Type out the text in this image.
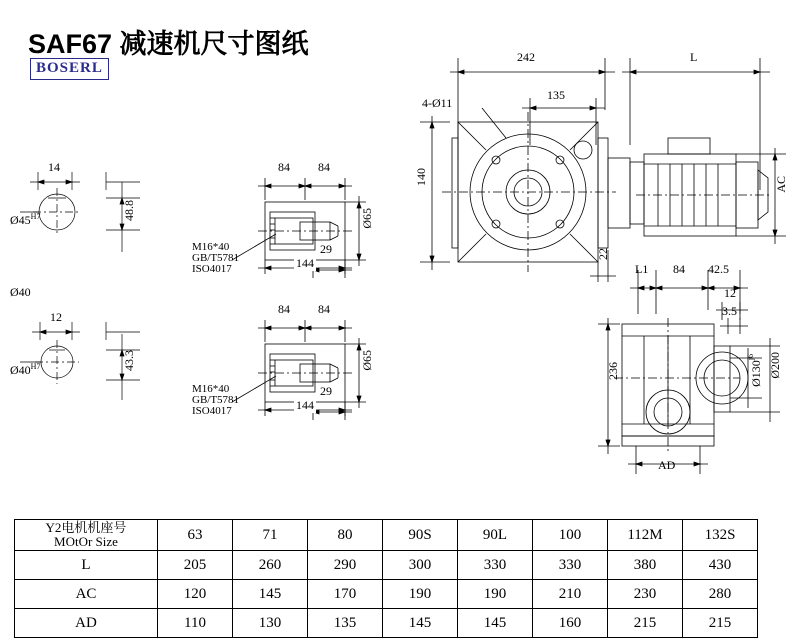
SAF67 减速机尺寸图纸
BOSERL
14
$Ø45^{H7}$	48.8
Ø40
12
$Ø40^{H7}$	43.3
84 84
29
Ø65
144
M16*40
GB/T5781
ISO4017
84 84
29
Ø65
144
M16*40
GB/T5781
ISO4017
242	L
135
4-Ø11
140
22
AC
L1 84 42.5
12
3.5
236	$Ø130^{j6}$	Ø200
AD
Y2电机机座号
MOtOr Size	63	71	80	90S	90L	100	112M	132S
L	205	260	290	300	330	330	380	430
AC	120	145	170	190	190	210	230	280
AD	110	130	135	145	145	160	215	215
